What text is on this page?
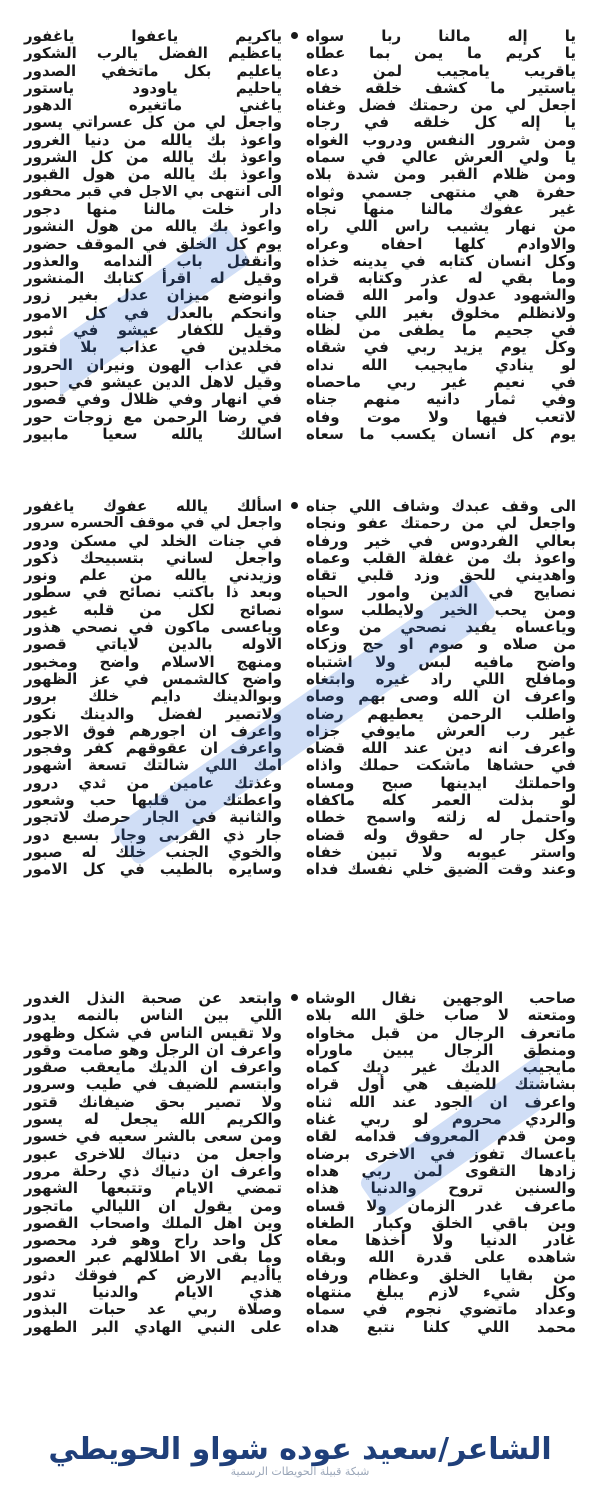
ياكريم ياعفوا ياغفور
ياعظيم الفضل يالرب الشكور
ياعليم بكل ماتخفي الصدور
ياحليم ياودود ياستور
ياغني ماتغيره الدهور
واجعل لي من كل عسراتي يسور
واعوذ بك يالله من دنيا الغرور
واعوذ بك يالله من كل الشرور
واعوذ بك يالله من هول القبور
الى انتهى بي الاجل في قبر محفور
دار خلت مالنا منها دجور
واعوذ بك يالله من هول النشور
يوم كل الخلق في الموقف حضور
وانقفل باب الندامه والعذور
وقيل له اقرأ كتابك المنشور
وانوضع ميزان عدل بغير زور
وانحكم بالعدل في كل الامور
وقيل للكفار عيشو في ثبور
مخلدين في عذاب بلا فتور
في عذاب الهون ونيران الحرور
وقيل لاهل الدين عيشو في حبور
في انهار وفي ظلال وفي قصور
في رضا الرحمن مع زوجات حور
اسالك يالله سعيا مابيور
يا إله مالنا ربا سواه
يا كريم ما يمن بما عطاه
ياقريب يامجيب لمن دعاه
ياستير ما كشف خلقه خفاه
اجعل لي من رحمتك فضل وغناه
يا إله كل خلقه في رجاه
ومن شرور النفس ودروب الغواه
يا ولي العرش عالي في سماه
ومن ظلام القبر ومن شدة بلاه
حفرة هي منتهى جسمي وثواه
غير عفوك مالنا منها نجاه
من نهار يشيب راس اللي راه
والاوادم كلها احفاه وعراه
وكل انسان كتابه في يدينه خذاه
وما بقي له عذر وكتابه قراه
والشهود عدول وامر الله قضاه
ولانظلم مخلوق بغير اللي جناه
في جحيم ما يطفى من لظاه
وكل يوم يزيد ربي في شقاه
لو ينادي مايجيب الله نداه
في نعيم غير ربي ماحصاه
وفي ثمار دانيه منهم جناه
لاتعب فيها ولا موت وفاه
يوم كل انسان يكسب ما سعاه
اسألك يالله عفوك ياغفور
واجعل لي في موقف الحسره سرور
في جنات الخلد لي مسكن ودور
واجعل لساني بتسبيحك ذكور
وزيدني يالله من علم ونور
وبعد ذا باكتب نصائح في سطور
نصائح لكل من قلبه غيور
وياعسى ماكون في نصحي هذور
الاوله بالدين لاياتي قصور
ومنهج الاسلام واضح ومخبور
واضح كالشمس في عز الظهور
وبوالدينك دايم خلك برور
ولاتصير لفضل والدينك نكور
واعرف ان اجورهم فوق الاجور
واعرف ان عقوقهم كفر وفجور
امك اللي شالتك تسعة اشهور
وغذتك عامين من ثدي درور
واعطتك من قلبها حب وشعور
والثانية في الجار حرصك لاتجور
جار ذي القربى وجار بسبع دور
والخوي الجنب خلك له صبور
وسايره بالطيب في كل الامور
الى وقف عبدك وشاف اللي جناه
واجعل لي من رحمتك عفو ونجاه
بعالي الفردوس في خير ورفاه
واعوذ بك من غفلة القلب وعماه
واهديني للحق وزد قلبي تقاه
نصايح في الدين وامور الحياه
ومن يحب الخير ولايطلب سواه
وياعساه يفيد نصحي من وعاه
من صلاه و صوم او حج وزكاه
واضح مافيه لبس ولا اشتباه
ومافلح اللي راد غيره وابتغاه
واعرف ان الله وصى بهم وصاه
واطلب الرحمن يعطيهم رضاه
غير رب العرش مايوفي جزاه
واعرف انه دين عند الله قضاه
في حشاها ماشكت حملك واذاه
واحملتك ايدينها صبح ومساه
لو بذلت العمر كله ماكفاه
واحتمل له زلته واسمح خطاه
وكل جار له حقوق وله قضاه
واستر عيوبه ولا تبين خفاه
وعند وقت الضيق خلي نفسك فداه
وابتعد عن صحبة النذل الغدور
اللي بين الناس بالنمه يدور
ولا تقيس الناس في شكل وظهور
واعرف ان الرجل وهو صامت وقور
واعرف ان الديك مايعقب صقور
وابتسم للضيف في طيب وسرور
ولا تصير بحق ضيفانك قتور
والكريم الله يجعل له يسور
ومن سعى بالشر سعيه في خسور
واجعل من دنياك للاخرى عبور
واعرف ان دنياك ذي رحلة مرور
تمضي الايام وتتبعها الشهور
ومن يقول ان الليالي ماتجور
وين اهل الملك واصحاب القصور
كل واحد راح وهو فرد محصور
وما بقى الا اطلالهم عبر العصور
ياأديم الارض كم فوقك دثور
هذي الايام والدنيا تدور
وصلاة ربي عد حبات البذور
على النبي الهادي البر الطهور
صاحب الوجهين نقال الوشاه
ومتعته لا صاب خلق الله بلاه
ماتعرف الرجال من قبل مخاواه
ومنطق الرجال يبين ماوراه
مايجيب الديك غير ديك كماه
بشاشتك للضيف هي أول قراه
واعرف ان الجود عند الله ثناه
والردي محروم لو ربي غناه
ومن قدم المعروف قدامه لقاه
ياعساك تفوز في الاخرى برضاه
زادها التقوى لمن ربي هداه
والسنين تروح والدنيا هذاه
ماعرف غدر الزمان ولا قساه
وين باقي الخلق وكبار الطغاه
غادر الدنيا ولا أخذها معاه
شاهده على قدرة الله وبقاه
من بقايا الخلق وعظام ورفاه
وكل شيء لازم يبلغ منتهاه
وعداد ماتضوي نجوم في سماه
محمد اللي كلنا نتبع هداه
الشاعر/سعيد عوده شواو الحويطي
شبكة قبيلة الحويطات الرسمية
